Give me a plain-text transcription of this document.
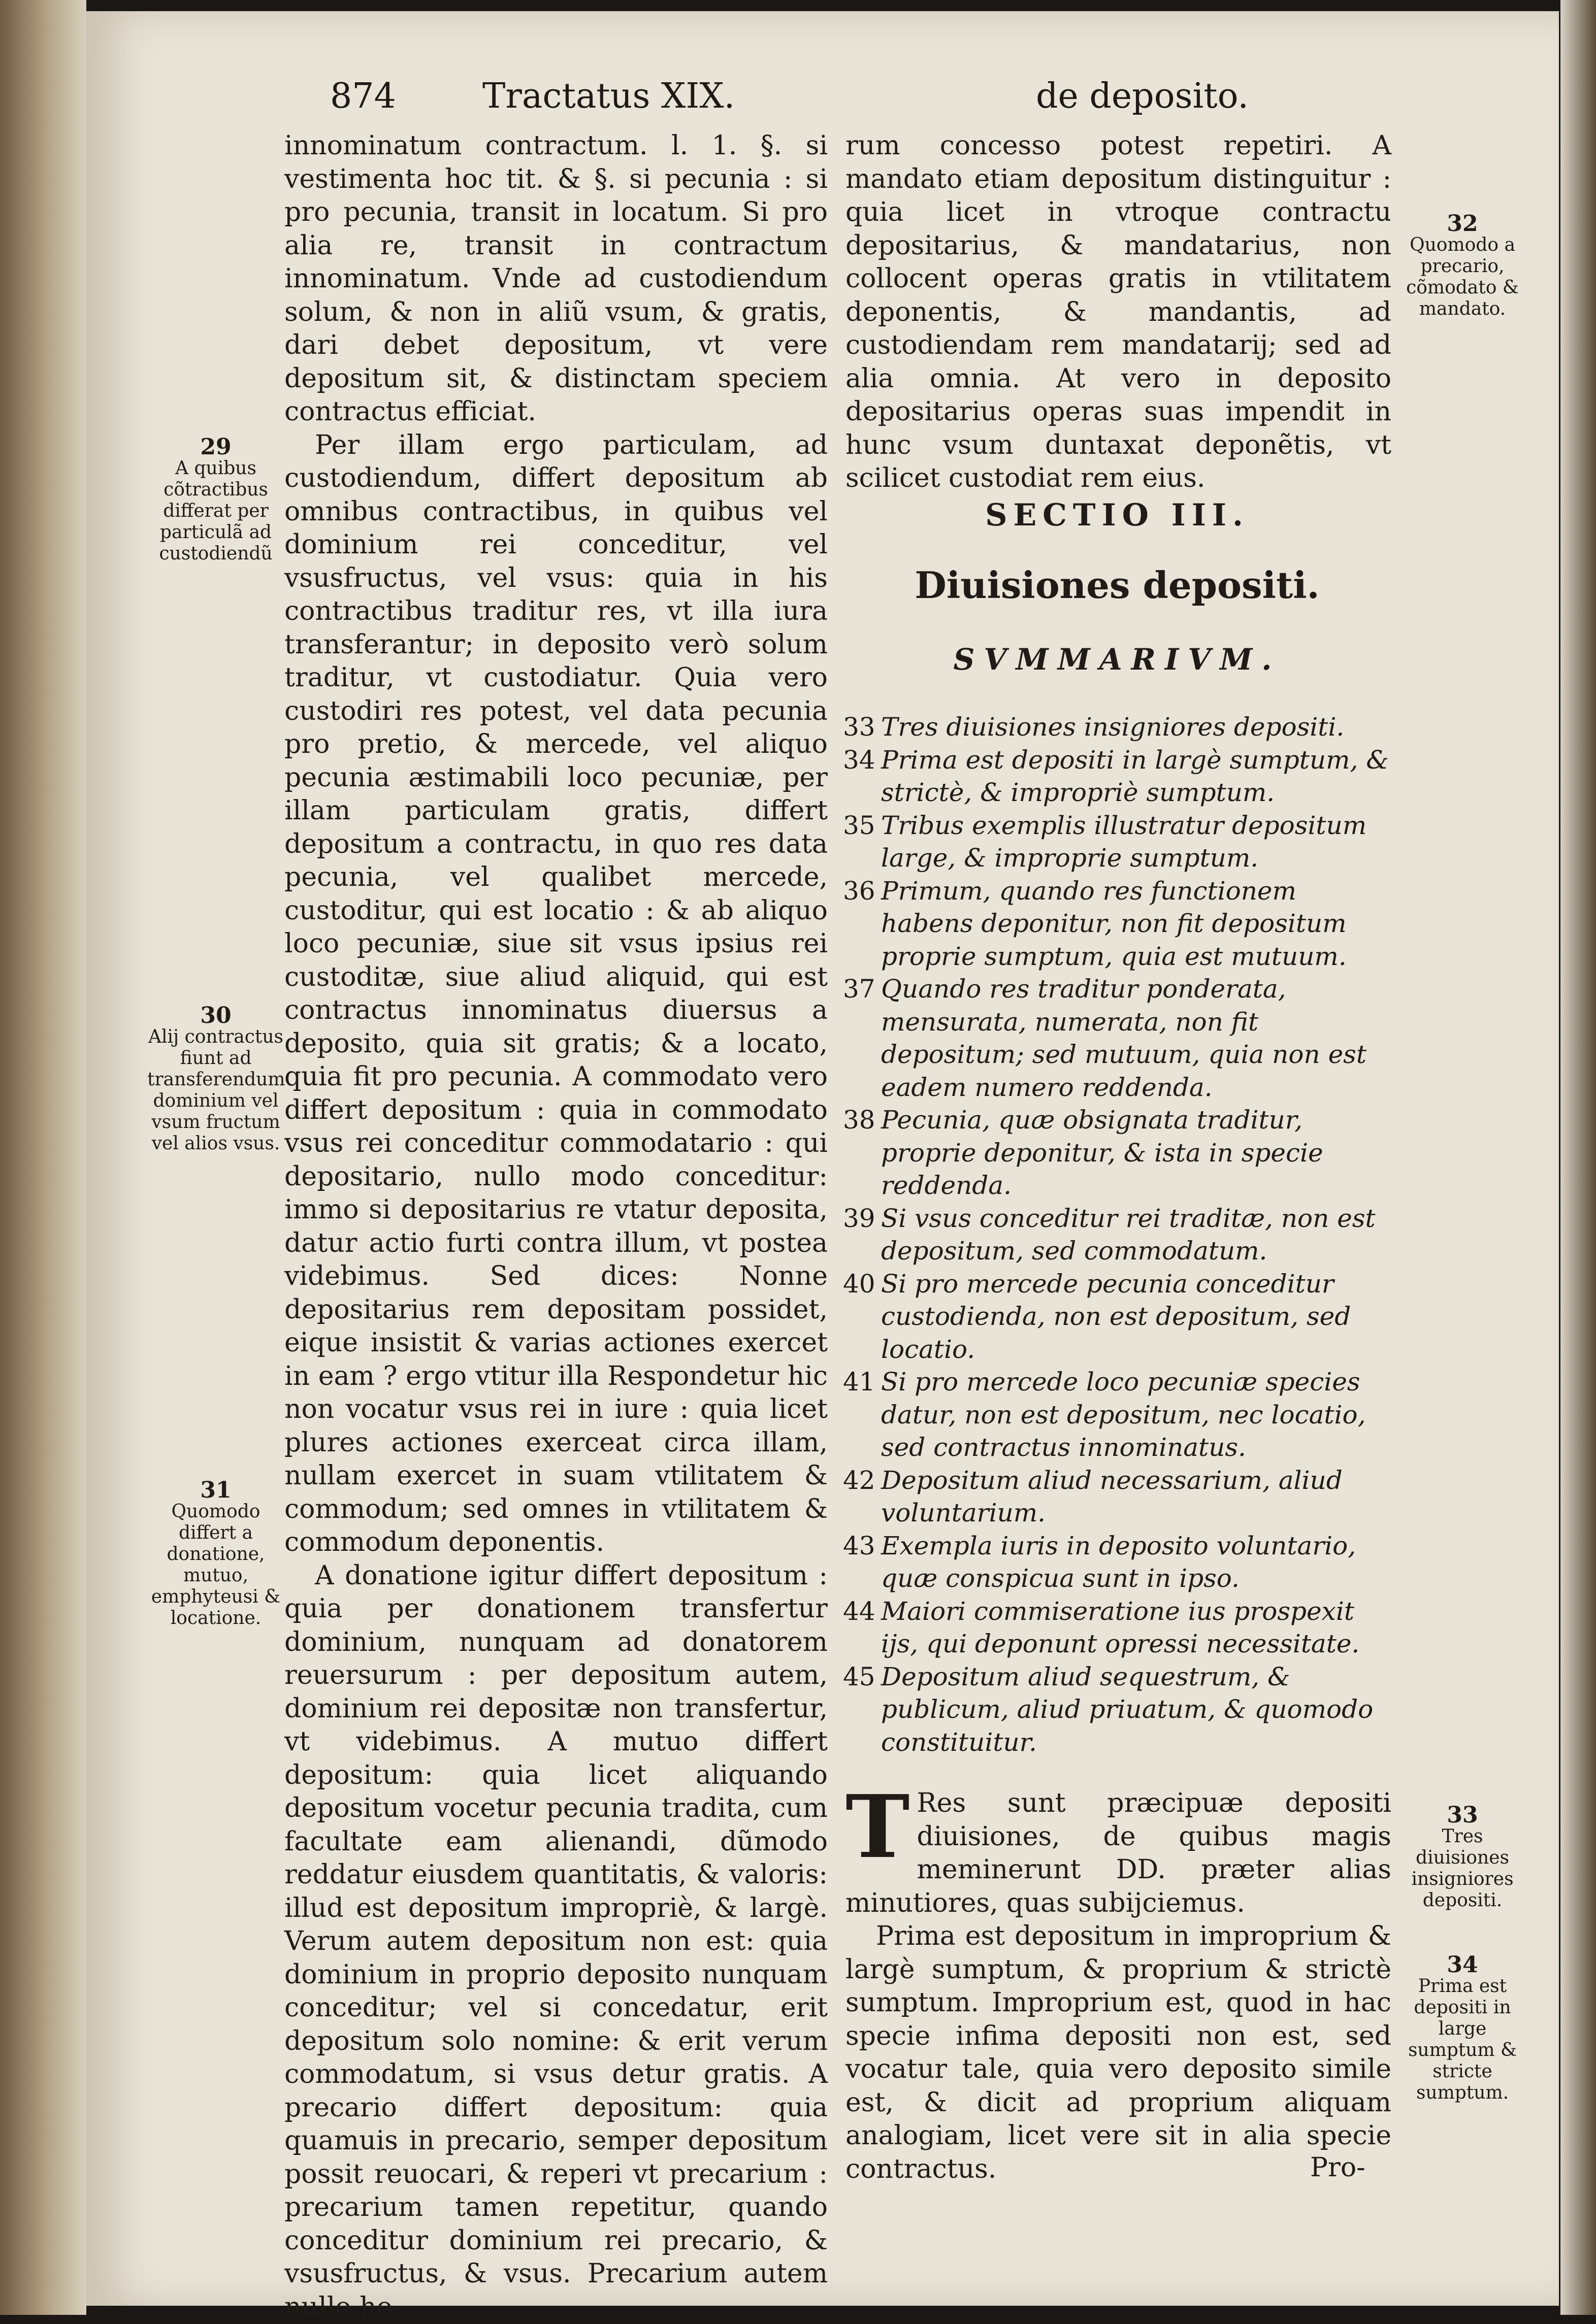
874	Tractatus XIX.	de deposito.

innominatum contractum. l. 1. §. si vestimenta hoc tit. & §. si pecunia : si pro pecunia, transit in locatum. Si pro alia re, transit in contractum innominatum. Vnde ad custodiendum solum, & non in aliũ vsum, & gratis, dari debet depositum, vt vere depositum sit, & distinctam speciem contractus efficiat.

Per illam ergo particulam, ad custodiendum, differt depositum ab omnibus contractibus, in quibus vel dominium rei conceditur, vel vsusfructus, vel vsus: quia in his contractibus traditur res, vt illa iura transferantur; in deposito verò solum traditur, vt custodiatur. Quia vero custodiri res potest, vel data pecunia pro pretio, & mercede, vel aliquo pecunia æstimabili loco pecuniæ, per illam particulam gratis, differt depositum a contractu, in quo res data pecunia, vel qualibet mercede, custoditur, qui est locatio : & ab aliquo loco pecuniæ, siue sit vsus ipsius rei custoditæ, siue aliud aliquid, qui est contractus innominatus diuersus a deposito, quia sit gratis; & a locato, quia fit pro pecunia. A commodato vero differt depositum : quia in commodato vsus rei conceditur commodatario : qui depositario, nullo modo conceditur: immo si depositarius re vtatur deposita, datur actio furti contra illum, vt postea videbimus. Sed dices: Nonne depositarius rem depositam possidet, eique insistit & varias actiones exercet in eam ? ergo vtitur illa Respondetur hic non vocatur vsus rei in iure : quia licet plures actiones exerceat circa illam, nullam exercet in suam vtilitatem & commodum; sed omnes in vtilitatem & commodum deponentis.

A donatione igitur differt depositum : quia per donationem transfertur dominium, nunquam ad donatorem reuersurum : per depositum autem, dominium rei depositæ non transfertur, vt videbimus. A mutuo differt depositum: quia licet aliquando depositum vocetur pecunia tradita, cum facultate eam alienandi, dũmodo reddatur eiusdem quantitatis, & valoris: illud est depositum impropriè, & largè. Verum autem depositum non est: quia dominium in proprio deposito nunquam conceditur; vel si concedatur, erit depositum solo nomine: & erit verum commodatum, si vsus detur gratis. A precario differt depositum: quia quamuis in precario, semper depositum possit reuocari, & reperi vt precarium : precarium tamen repetitur, quando conceditur dominium rei precario, & vsusfructus, & vsus. Precarium autem nullo ho-

rum concesso potest repetiri. A mandato etiam depositum distinguitur : quia licet in vtroque contractu depositarius, & mandatarius, non collocent operas gratis in vtilitatem deponentis, & mandantis, ad custodiendam rem mandatarij; sed ad alia omnia. At vero in deposito depositarius operas suas impendit in hunc vsum duntaxat deponẽtis, vt scilicet custodiat rem eius.
SECTIO III.
Diuisiones depositi.
SVMMARIVM.
33 Tres diuisiones insigniores depositi.
34 Prima est depositi in largè sumptum, & strictè, & impropriè sumptum.
35 Tribus exemplis illustratur depositum large, & improprie sumptum.
36 Primum, quando res functionem habens deponitur, non fit depositum proprie sumptum, quia est mutuum.
37 Quando res traditur ponderata, mensurata, numerata, non fit depositum; sed mutuum, quia non est eadem numero reddenda.
38 Pecunia, quæ obsignata traditur, proprie deponitur, & ista in specie reddenda.
39 Si vsus conceditur rei traditæ, non est depositum, sed commodatum.
40 Si pro mercede pecunia conceditur custodienda, non est depositum, sed locatio.
41 Si pro mercede loco pecuniæ species datur, non est depositum, nec locatio, sed contractus innominatus.
42 Depositum aliud necessarium, aliud voluntarium.
43 Exempla iuris in deposito voluntario, quæ conspicua sunt in ipso.
44 Maiori commiseratione ius prospexit ijs, qui deponunt opressi necessitate.
45 Depositum aliud sequestrum, & publicum, aliud priuatum, & quomodo constituitur.
T Res sunt præcipuæ depositi diuisiones, de quibus magis meminerunt DD. præter alias minutiores, quas subijciemus.

Prima est depositum in improprium & largè sumptum, & proprium & strictè sumptum. Improprium est, quod in hac specie infima depositi non est, sed vocatur tale, quia vero deposito simile est, & dicit ad proprium aliquam analogiam, licet vere sit in alia specie contractus.	Pro-
29
A quibus cõtractibus differat per particulã ad custodiendũ
30
Alij contractus fiunt ad transferendum dominium vel vsum fructum vel alios vsus.
31
Quomodo differt a donatione, mutuo, emphyteusi & locatione.
32
Quomodo a precario, cõmodato & mandato.
33
Tres diuisiones insigniores depositi.
34
Prima est depositi in large sumptum & stricte sumptum.
